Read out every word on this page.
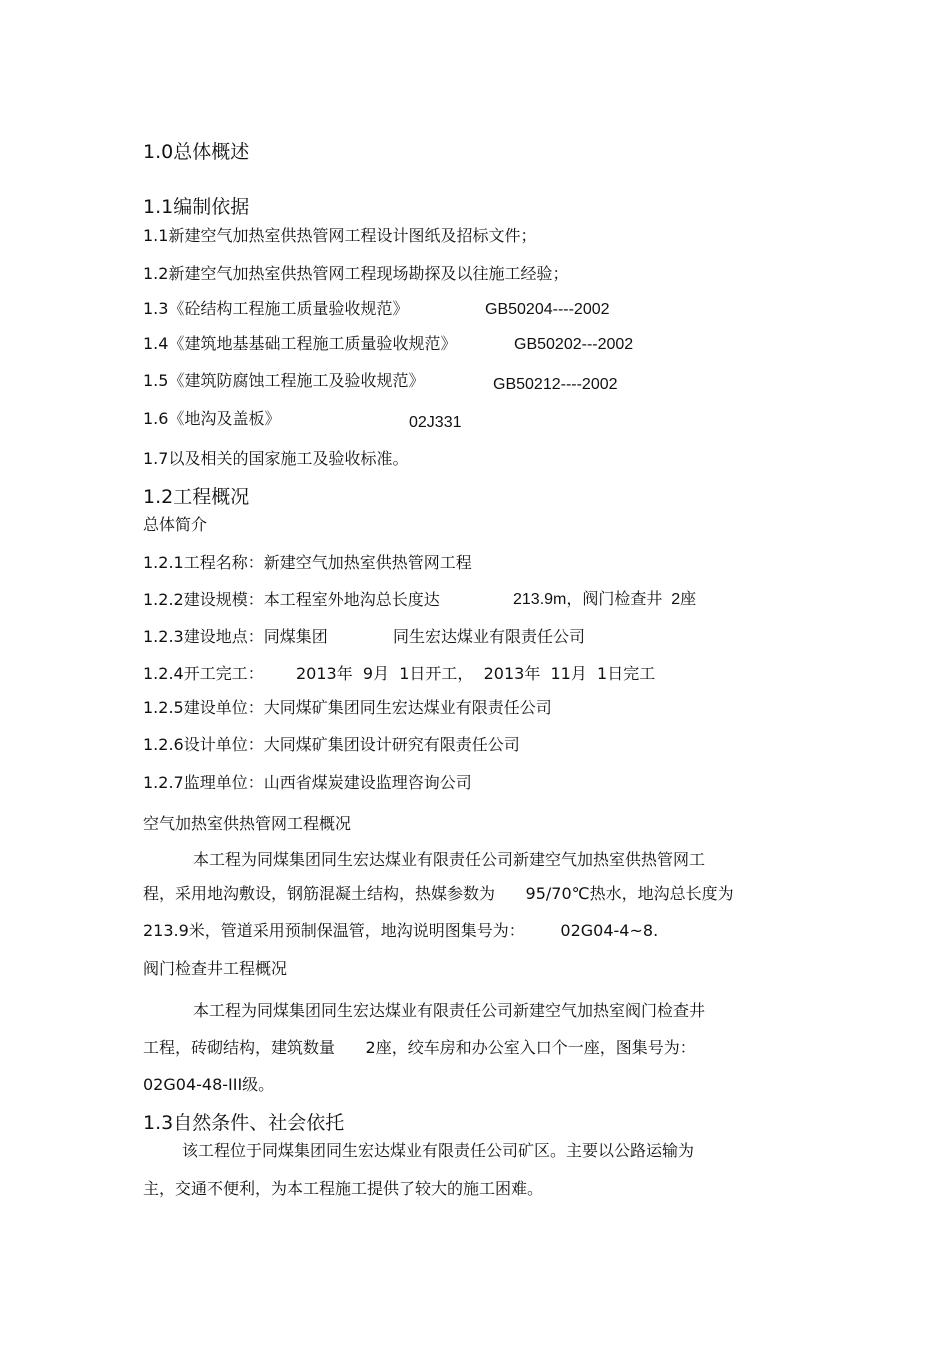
1.0总体概述
1.1编制依据
1.1新建空气加热室供热管网工程设计图纸及招标文件；
1.2新建空气加热室供热管网工程现场勘探及以往施工经验；
1.3《砼结构工程施工质量验收规范》	GB50204----2002
1.4《建筑地基基础工程施工质量验收规范》	GB50202---2002
1.5《建筑防腐蚀工程施工及验收规范》	GB50212----2002
1.6《地沟及盖板》	02J331
1.7以及相关的国家施工及验收标准。
1.2工程概况
总体简介
1.2.1工程名称：新建空气加热室供热管网工程
1.2.2建设规模：本工程室外地沟总长度达	213.9m，阀门检查井  2座
1.2.3建设地点：同煤集团	同生宏达煤业有限责任公司
1.2.4开工完工： 2013年  9月  1日开工，  2013年  11月  1日完工
1.2.5建设单位：大同煤矿集团同生宏达煤业有限责任公司
1.2.6设计单位：大同煤矿集团设计研究有限责任公司
1.2.7监理单位：山西省煤炭建设监理咨询公司
空气加热室供热管网工程概况
本工程为同煤集团同生宏达煤业有限责任公司新建空气加热室供热管网工
程，采用地沟敷设，钢筋混凝土结构，热媒参数为      95/70℃热水，地沟总长度为
213.9米，管道采用预制保温管，地沟说明图集号为：       02G04-4~8.
阀门检查井工程概况
本工程为同煤集团同生宏达煤业有限责任公司新建空气加热室阀门检查井
工程，砖砌结构，建筑数量      2座，绞车房和办公室入口个一座，图集号为：
02G04-48-III级。
1.3自然条件、社会依托
该工程位于同煤集团同生宏达煤业有限责任公司矿区。主要以公路运输为
主，交通不便利，为本工程施工提供了较大的施工困难。
